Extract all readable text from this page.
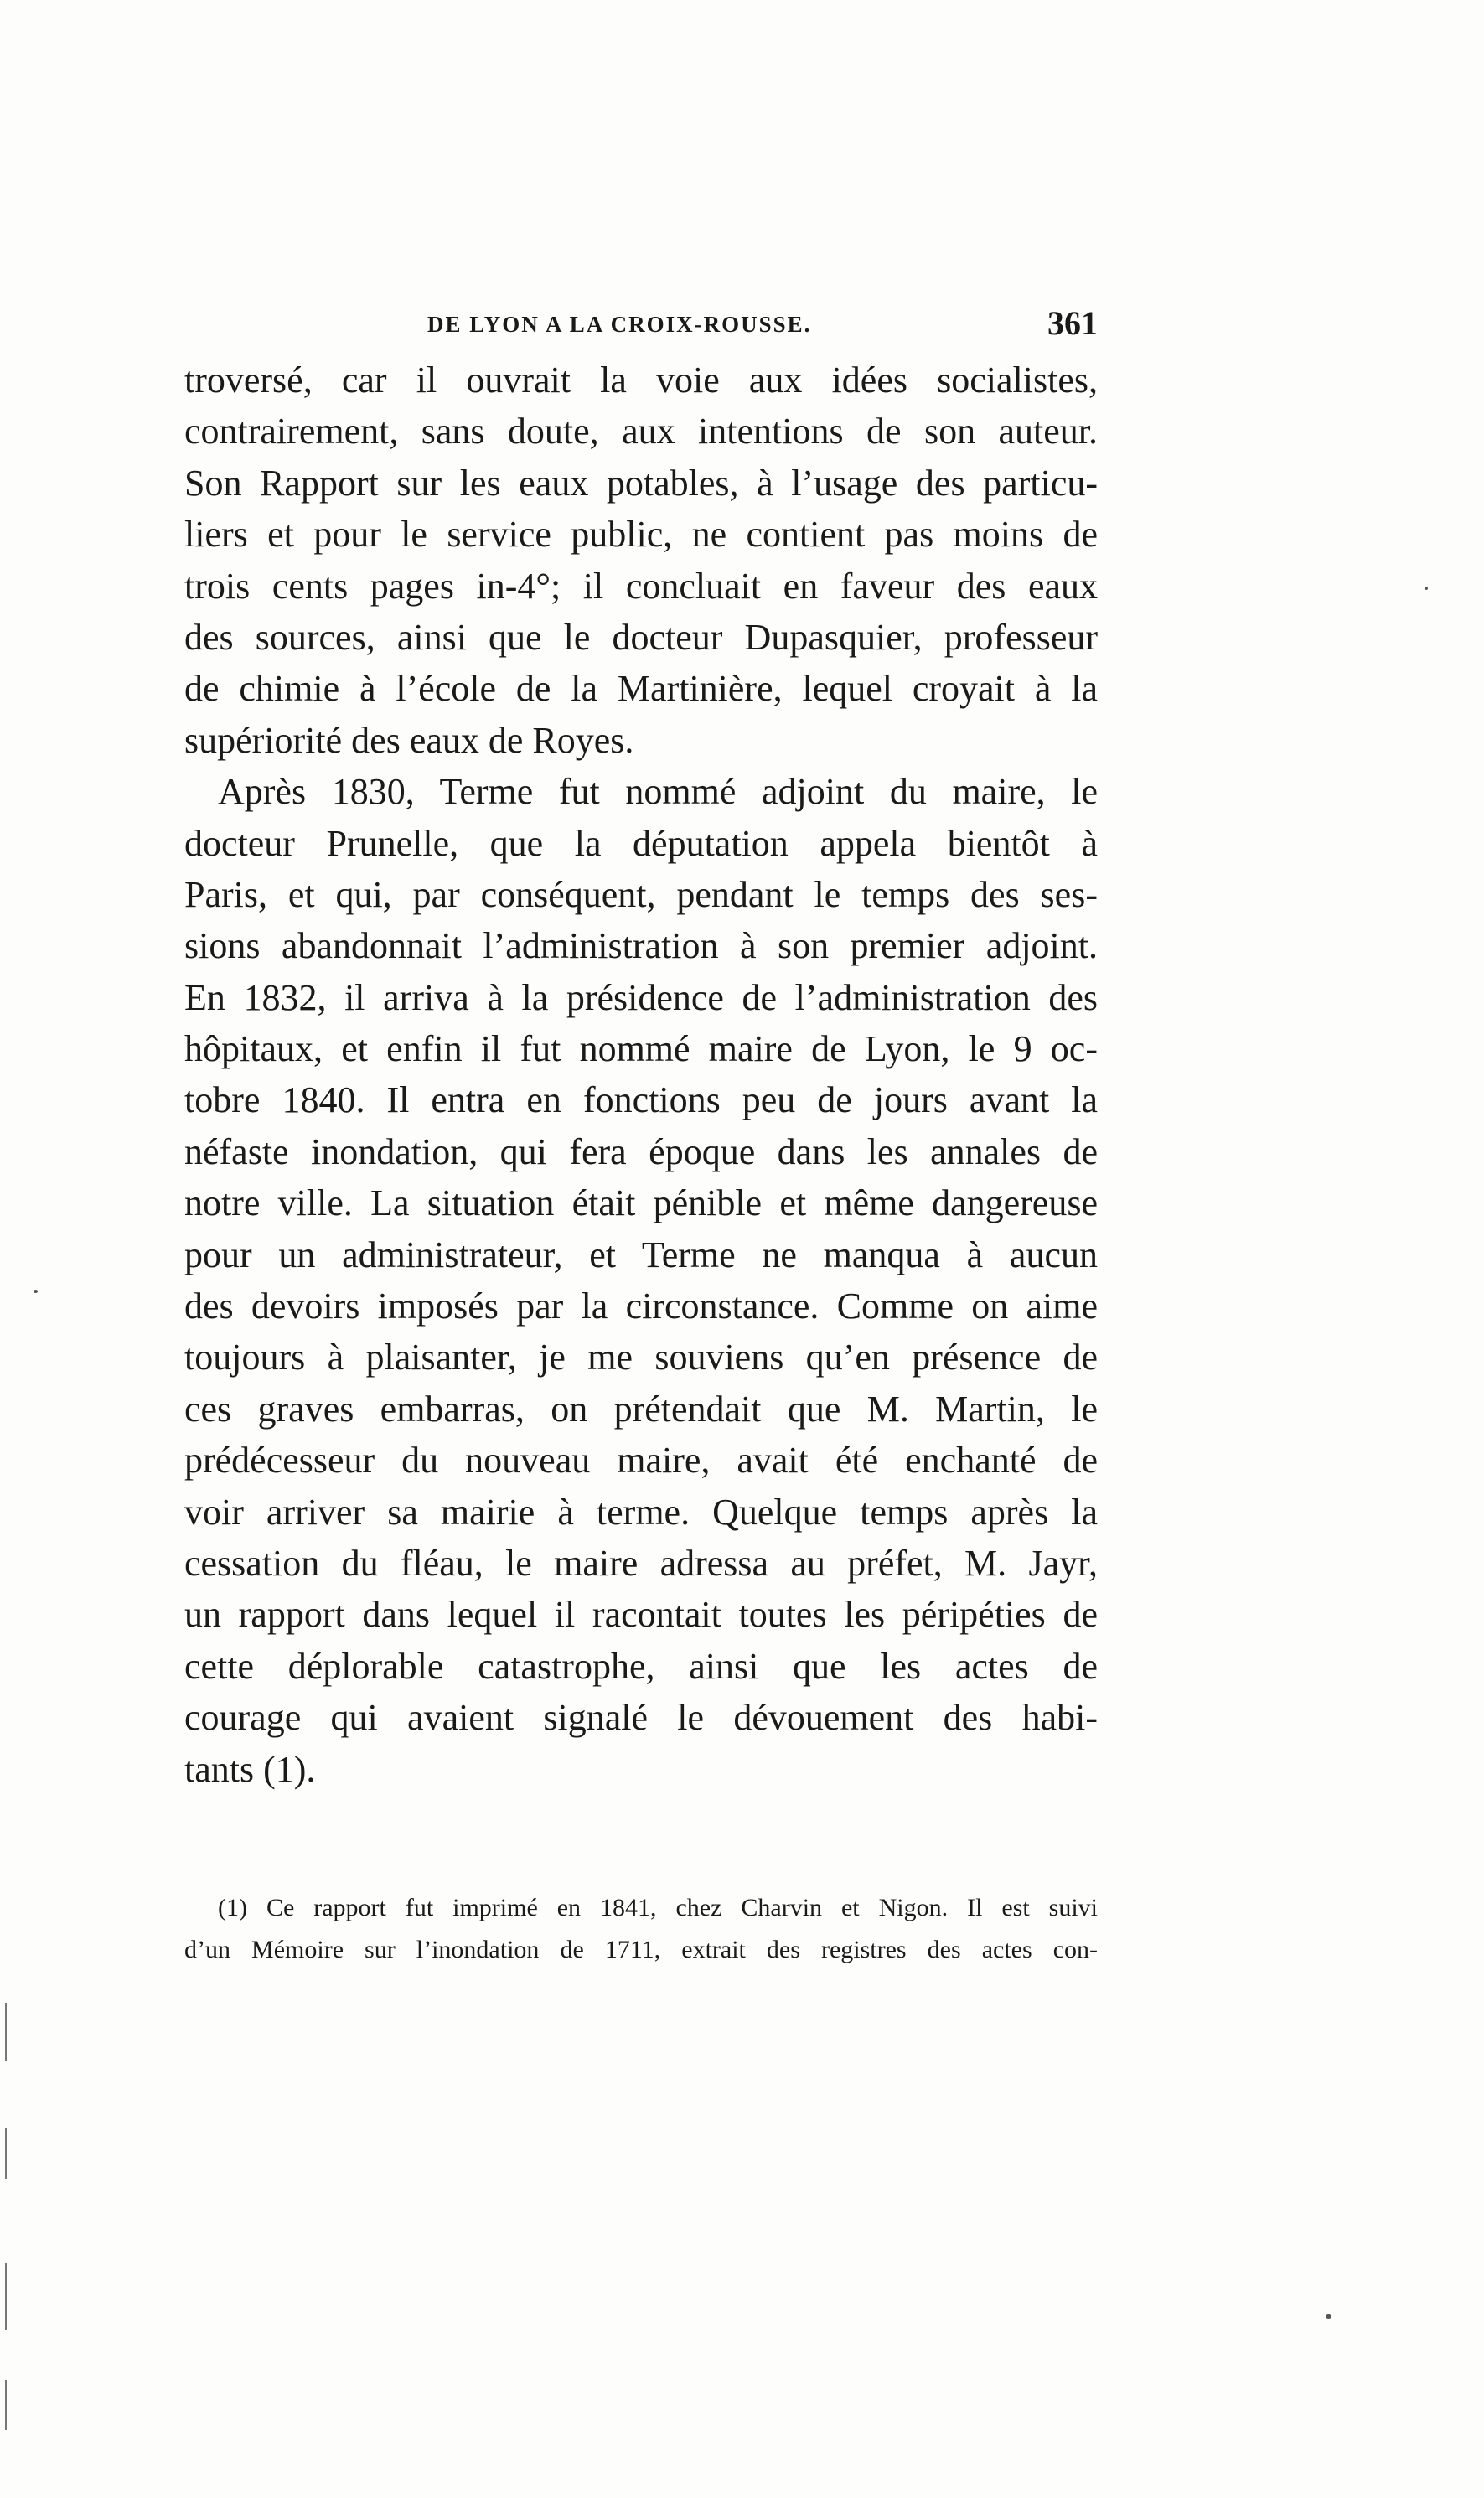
DE LYON A LA CROIX-ROUSSE.	361
troversé, car il ouvrait la voie aux idées socialistes,
contrairement, sans doute, aux intentions de son auteur.
Son Rapport sur les eaux potables, à l’usage des particu-
liers et pour le service public, ne contient pas moins de
trois cents pages in-4°; il concluait en faveur des eaux
des sources, ainsi que le docteur Dupasquier, professeur
de chimie à l’école de la Martinière, lequel croyait à la
supériorité des eaux de Royes.
Après 1830, Terme fut nommé adjoint du maire, le
docteur Prunelle, que la députation appela bientôt à
Paris, et qui, par conséquent, pendant le temps des ses-
sions abandonnait l’administration à son premier adjoint.
En 1832, il arriva à la présidence de l’administration des
hôpitaux, et enfin il fut nommé maire de Lyon, le 9 oc-
tobre 1840. Il entra en fonctions peu de jours avant la
néfaste inondation, qui fera époque dans les annales de
notre ville. La situation était pénible et même dangereuse
pour un administrateur, et Terme ne manqua à aucun
des devoirs imposés par la circonstance. Comme on aime
toujours à plaisanter, je me souviens qu’en présence de
ces graves embarras, on prétendait que M. Martin, le
prédécesseur du nouveau maire, avait été enchanté de
voir arriver sa mairie à terme. Quelque temps après la
cessation du fléau, le maire adressa au préfet, M. Jayr,
un rapport dans lequel il racontait toutes les péripéties de
cette déplorable catastrophe, ainsi que les actes de
courage qui avaient signalé le dévouement des habi-
tants (1).
(1) Ce rapport fut imprimé en 1841, chez Charvin et Nigon. Il est suivi
d’un Mémoire sur l’inondation de 1711, extrait des registres des actes con-
